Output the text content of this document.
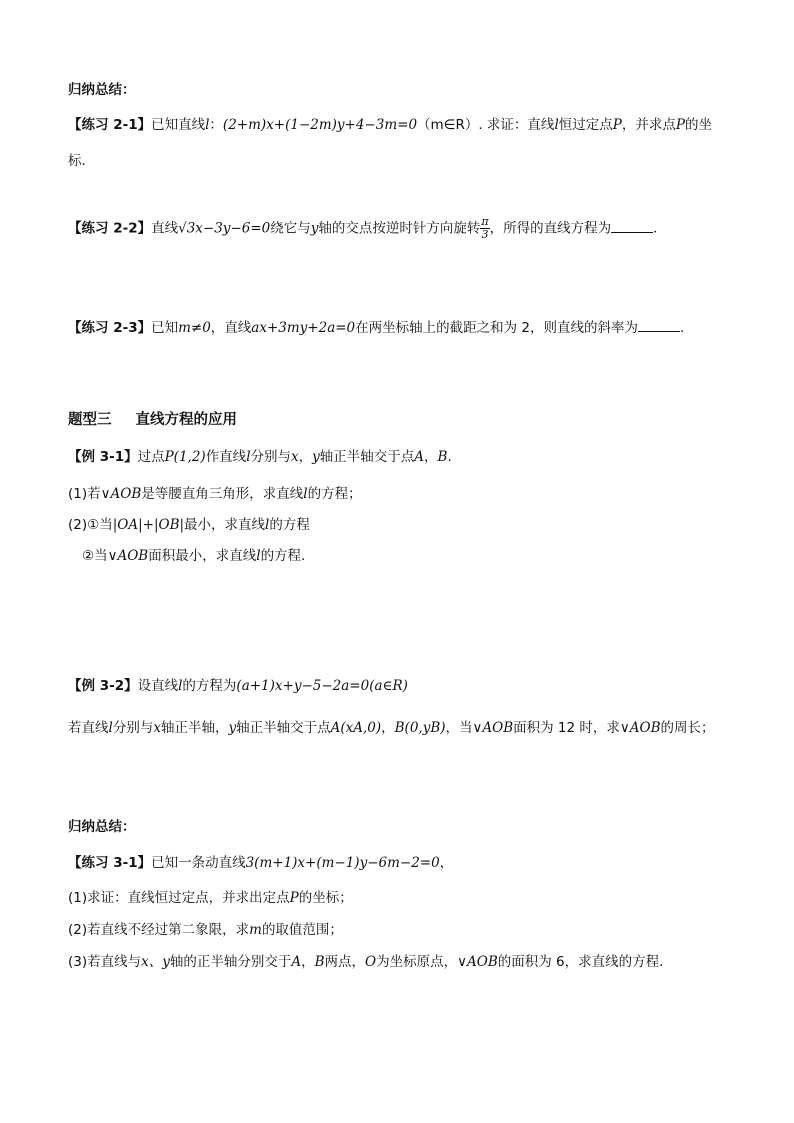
归纳总结：
【练习 2-1】已知直线l：(2+m)x+(1−2m)y+4−3m=0（m∈R）. 求证：直线l恒过定点P，并求点P的坐
标．
【练习 2-2】直线√3x−3y−6=0绕它与y轴的交点按逆时针方向旋转 $\frac{\pi}{3}$ ，所得的直线方程为	．
【练习 2-3】已知m≠0，直线ax+3my+2a=0在两坐标轴上的截距之和为 2，则直线的斜率为	．
题型三 直线方程的应用
【例 3-1】过点P(1,2)作直线l分别与x，y轴正半轴交于点A，B.
(1)若∨AOB是等腰直角三角形，求直线l的方程；
(2)①当|OA|+|OB|最小，求直线l的方程
②当∨AOB面积最小，求直线l的方程.
【例 3-2】设直线l的方程为(a+1)x+y−5−2a=0(a∈R)
若直线l分别与x轴正半轴，y轴正半轴交于点A(xA,0)，B(0,yB)，当∨AOB面积为 12 时，求∨AOB的周长；
归纳总结：
【练习 3-1】已知一条动直线3(m+1)x+(m−1)y−6m−2=0，
(1)求证：直线恒过定点，并求出定点P的坐标；
(2)若直线不经过第二象限，求m的取值范围；
(3)若直线与x、y轴的正半轴分别交于A，B两点，O为坐标原点，∨AOB的面积为 6，求直线的方程.
